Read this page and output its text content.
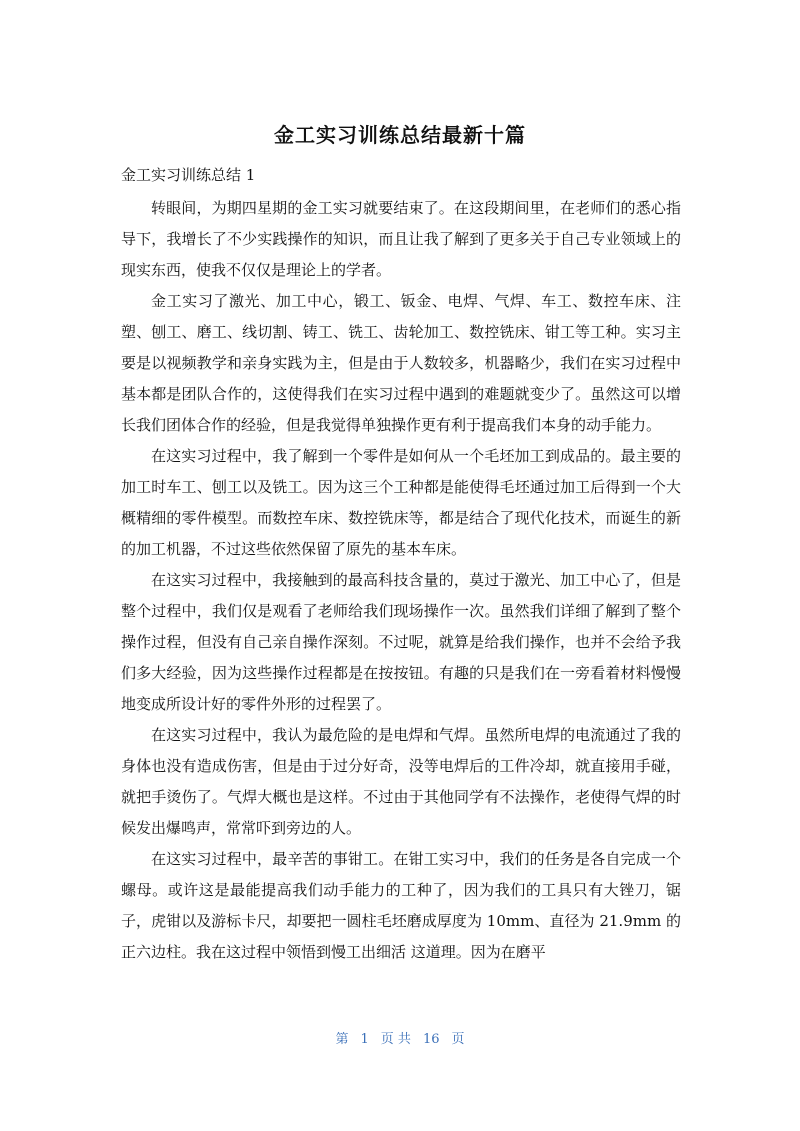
金工实习训练总结最新十篇

金工实习训练总结 1

转眼间，为期四星期的金工实习就要结束了。在这段期间里，在老师们的悉心指导下，我增长了不少实践操作的知识，而且让我了解到了更多关于自己专业领域上的现实东西，使我不仅仅是理论上的学者。

金工实习了激光、加工中心，锻工、钣金、电焊、气焊、车工、数控车床、注塑、刨工、磨工、线切割、铸工、铣工、齿轮加工、数控铣床、钳工等工种。实习主要是以视频教学和亲身实践为主，但是由于人数较多，机器略少，我们在实习过程中基本都是团队合作的，这使得我们在实习过程中遇到的难题就变少了。虽然这可以增长我们团体合作的经验，但是我觉得单独操作更有利于提高我们本身的动手能力。

在这实习过程中，我了解到一个零件是如何从一个毛坯加工到成品的。最主要的加工时车工、刨工以及铣工。因为这三个工种都是能使得毛坯通过加工后得到一个大概精细的零件模型。而数控车床、数控铣床等，都是结合了现代化技术，而诞生的新的加工机器，不过这些依然保留了原先的基本车床。

在这实习过程中，我接触到的最高科技含量的，莫过于激光、加工中心了，但是整个过程中，我们仅是观看了老师给我们现场操作一次。虽然我们详细了解到了整个操作过程，但没有自己亲自操作深刻。不过呢，就算是给我们操作，也并不会给予我们多大经验，因为这些操作过程都是在按按钮。有趣的只是我们在一旁看着材料慢慢地变成所设计好的零件外形的过程罢了。

在这实习过程中，我认为最危险的是电焊和气焊。虽然所电焊的电流通过了我的身体也没有造成伤害，但是由于过分好奇，没等电焊后的工件冷却，就直接用手碰，就把手烫伤了。气焊大概也是这样。不过由于其他同学有不法操作，老使得气焊的时候发出爆鸣声，常常吓到旁边的人。

在这实习过程中，最辛苦的事钳工。在钳工实习中，我们的任务是各自完成一个螺母。或许这是最能提高我们动手能力的工种了，因为我们的工具只有大锉刀，锯子，虎钳以及游标卡尺，却要把一圆柱毛坯磨成厚度为 10mm、直径为 21.9mm 的正六边柱。我在这过程中领悟到慢工出细活 这道理。因为在磨平

第 1 页 共 16 页
